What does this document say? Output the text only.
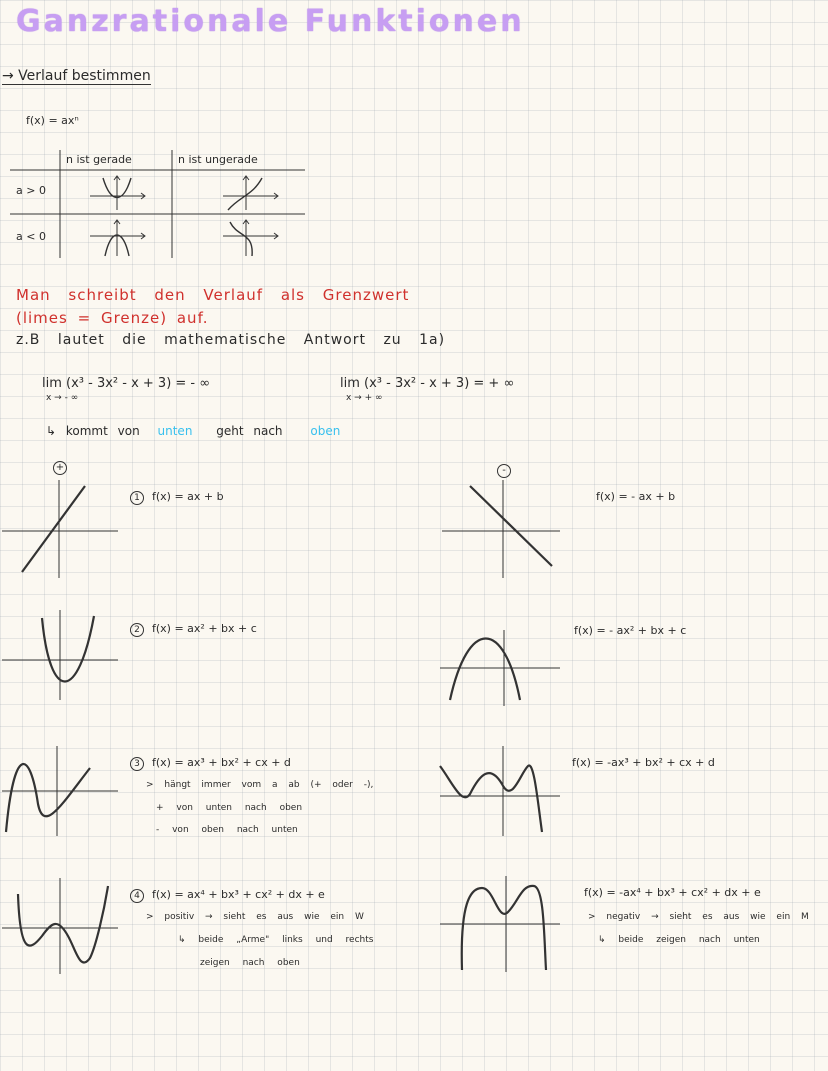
Ganzrationale Funktionen
→ Verlauf bestimmen
f(x) = axⁿ
n ist gerade	n ist ungerade
a > 0
a < 0
Man schreibt den Verlauf als Grenzwert
(limes = Grenze) auf.
z.B lautet die mathematische Antwort zu 1a)
lim (x³ - 3x² - x + 3) = - ∞
x → - ∞
lim (x³ - 3x² - x + 3) = + ∞
x → + ∞
↳ kommt von unten geht nach oben
+	-
1 f(x) = ax + b	f(x) = - ax + b
2 f(x) = ax² + bx + c	f(x) = - ax² + bx + c
3 f(x) = ax³ + bx² + cx + d	f(x) = -ax³ + bx² + cx + d
> hängt immer vom a ab (+ oder -),
+ von unten nach oben
- von oben nach unten
4 f(x) = ax⁴ + bx³ + cx² + dx + e	f(x) = -ax⁴ + bx³ + cx² + dx + e
> positiv → sieht es aus wie ein W
↳ beide „Arme" links und rechts
zeigen nach oben
> negativ → sieht es aus wie ein M
↳ beide zeigen nach unten
